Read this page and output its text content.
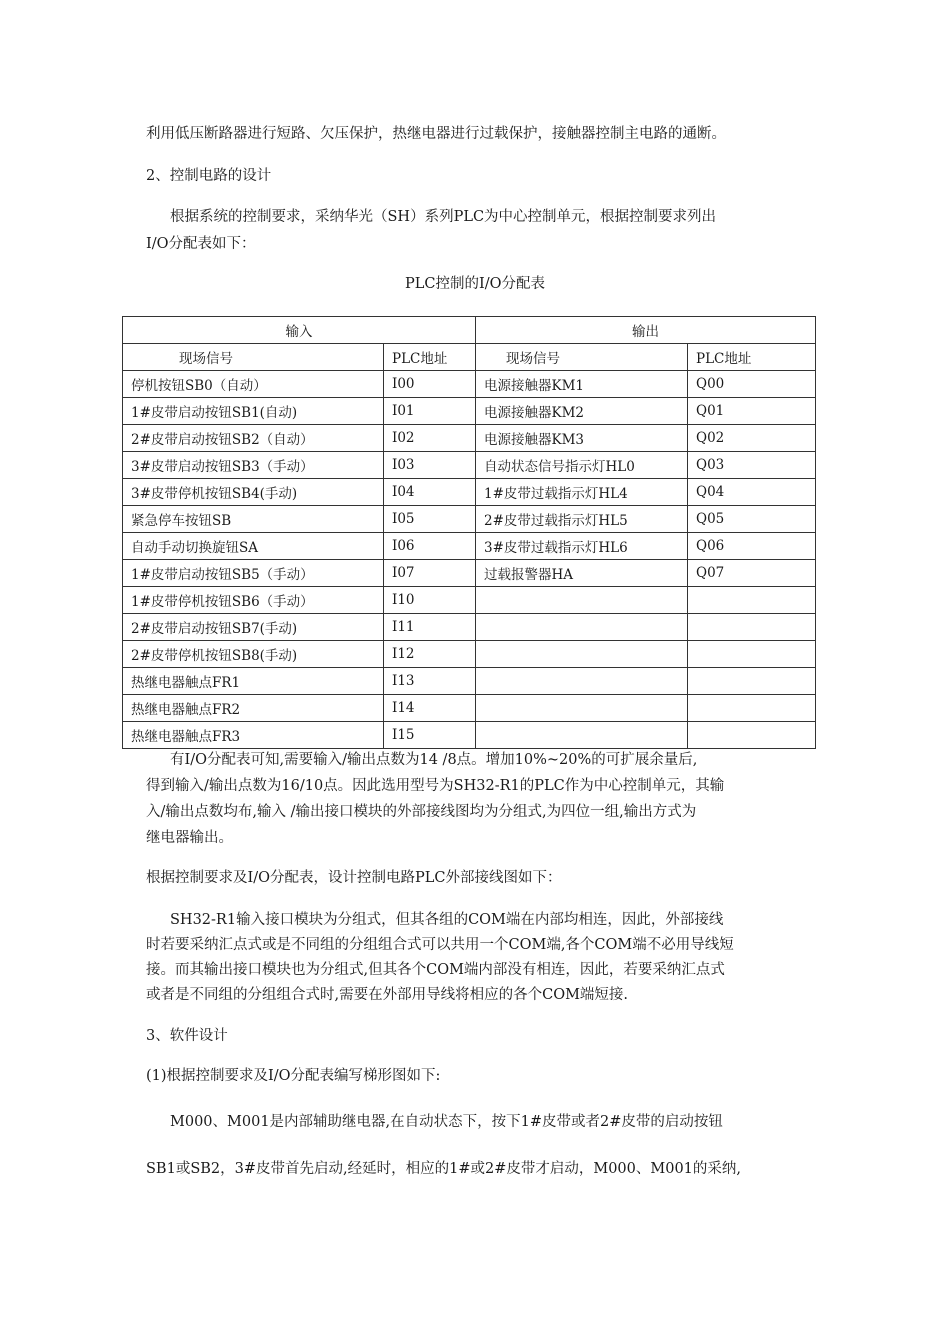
利用低压断路器进行短路、欠压保护，热继电器进行过载保护，接触器控制主电路的通断。

2、控制电路的设计

根据系统的控制要求，采纳华光（SH）系列PLC为中心控制单元，根据控制要求列出

I/O分配表如下：

PLC控制的I/O分配表
输入		输出	
现场信号	PLC地址	现场信号	PLC地址
停机按钮SB0（自动）	I00	电源接触器KM1	Q00
1#皮带启动按钮SB1(自动)	I01	电源接触器KM2	Q01
2#皮带启动按钮SB2（自动）	I02	电源接触器KM3	Q02
3#皮带启动按钮SB3（手动）	I03	自动状态信号指示灯HL0	Q03
3#皮带停机按钮SB4(手动)	I04	1#皮带过载指示灯HL4	Q04
紧急停车按钮SB	I05	2#皮带过载指示灯HL5	Q05
自动手动切换旋钮SA	I06	3#皮带过载指示灯HL6	Q06
1#皮带启动按钮SB5（手动）	I07	过载报警器HA	Q07
1#皮带停机按钮SB6（手动）	I10		
2#皮带启动按钮SB7(手动)	I11		
2#皮带停机按钮SB8(手动)	I12		
热继电器触点FR1	I13		
热继电器触点FR2	I14		
热继电器触点FR3	I15		

有I/O分配表可知,需要输入/输出点数为14 /8点。增加10%~20%的可扩展余量后,

得到输入/输出点数为16/10点。因此选用型号为SH32-R1的PLC作为中心控制单元，其输

入/输出点数均布,输入 /输出接口模块的外部接线图均为分组式,为四位一组,输出方式为

继电器输出。

根据控制要求及I/O分配表，设计控制电路PLC外部接线图如下：

SH32-R1输入接口模块为分组式，但其各组的COM端在内部均相连，因此，外部接线

时若要采纳汇点式或是不同组的分组组合式可以共用一个COM端,各个COM端不必用导线短

接。而其输出接口模块也为分组式,但其各个COM端内部没有相连，因此，若要采纳汇点式

或者是不同组的分组组合式时,需要在外部用导线将相应的各个COM端短接.

3、软件设计

(1)根据控制要求及I/O分配表编写梯形图如下:

M000、M001是内部辅助继电器,在自动状态下，按下1#皮带或者2#皮带的启动按钮

SB1或SB2，3#皮带首先启动,经延时，相应的1#或2#皮带才启动，M000、M001的采纳,
